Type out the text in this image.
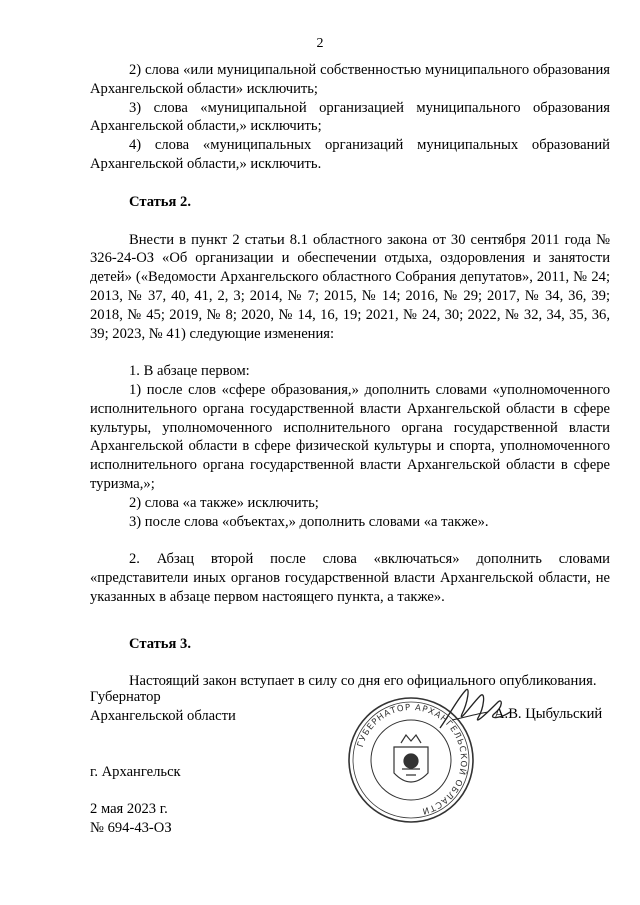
2

2) слова «или муниципальной собственностью муниципального образования Архангельской области» исключить;

3) слова «муниципальной организацией муниципального образования Архангельской области,» исключить;

4) слова «муниципальных организаций муниципальных образований Архангельской области,» исключить.

Статья 2.

Внести в пункт 2 статьи 8.1 областного закона от 30 сентября 2011 года № 326-24-ОЗ «Об организации и обеспечении отдыха, оздоровления и занятости детей» («Ведомости Архангельского областного Собрания депутатов», 2011, № 24; 2013, № 37, 40, 41, 2, 3; 2014, № 7; 2015, № 14; 2016, № 29; 2017, № 34, 36, 39; 2018, № 45; 2019, № 8; 2020, № 14, 16, 19; 2021, № 24, 30; 2022, № 32, 34, 35, 36, 39; 2023, № 41) следующие изменения:

1. В абзаце первом:

1) после слов «сфере образования,» дополнить словами «уполномоченного исполнительного органа государственной власти Архангельской области в сфере культуры, уполномоченного исполнительного органа государственной власти Архангельской области в сфере физической культуры и спорта, уполномоченного исполнительного органа государственной власти Архангельской области в сфере туризма,»;

2) слова «а также» исключить;

3) после слова «объектах,» дополнить словами «а также».

2. Абзац второй после слова «включаться» дополнить словами «представители иных органов государственной власти Архангельской области, не указанных в абзаце первом настоящего пункта, а также».

Статья 3.

Настоящий закон вступает в силу со дня его официального опубликования.

Губернатор
Архангельской области	А.В. Цыбульский
ГУБЕРНАТОР АРХАНГЕЛЬСКОЙ ОБЛАСТИ
г. Архангельск
2 мая 2023 г.
№ 694-43-ОЗ
